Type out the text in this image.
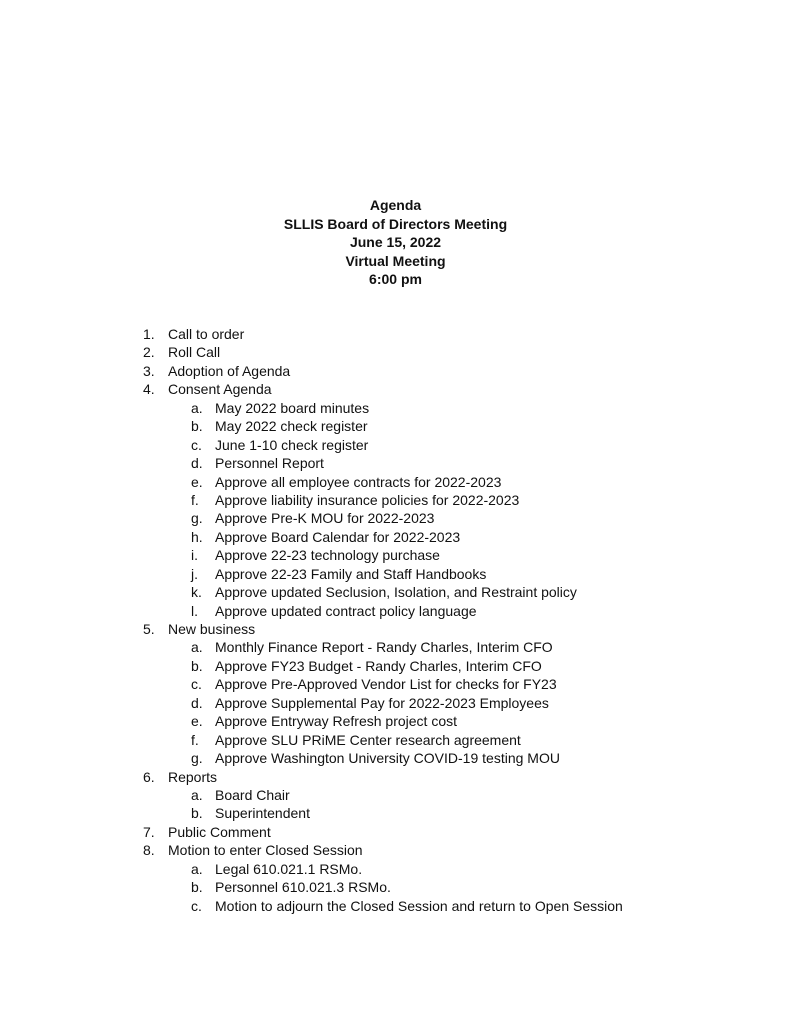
Agenda
SLLIS Board of Directors Meeting
June 15, 2022
Virtual Meeting
6:00 pm
1. Call to order
2. Roll Call
3. Adoption of Agenda
4. Consent Agenda
a. May 2022 board minutes
b. May 2022 check register
c. June 1-10 check register
d. Personnel Report
e. Approve all employee contracts for 2022-2023
f.	Approve liability insurance policies for 2022-2023
g. Approve Pre-K MOU for 2022-2023
h. Approve Board Calendar for 2022-2023
i.	Approve 22-23 technology purchase
j.	Approve 22-23 Family and Staff Handbooks
k. Approve updated Seclusion, Isolation, and Restraint policy
l.	Approve updated contract policy language
5. New business
a. Monthly Finance Report - Randy Charles, Interim CFO
b. Approve FY23 Budget - Randy Charles, Interim CFO
c. Approve Pre-Approved Vendor List for checks for FY23
d. Approve Supplemental Pay for 2022-2023 Employees
e. Approve Entryway Refresh project cost
f.	Approve SLU PRiME Center research agreement
g. Approve Washington University COVID-19 testing MOU
6. Reports
a. Board Chair
b. Superintendent
7. Public Comment
8. Motion to enter Closed Session
a. Legal 610.021.1 RSMo.
b. Personnel 610.021.3 RSMo.
c. Motion to adjourn the Closed Session and return to Open Session
